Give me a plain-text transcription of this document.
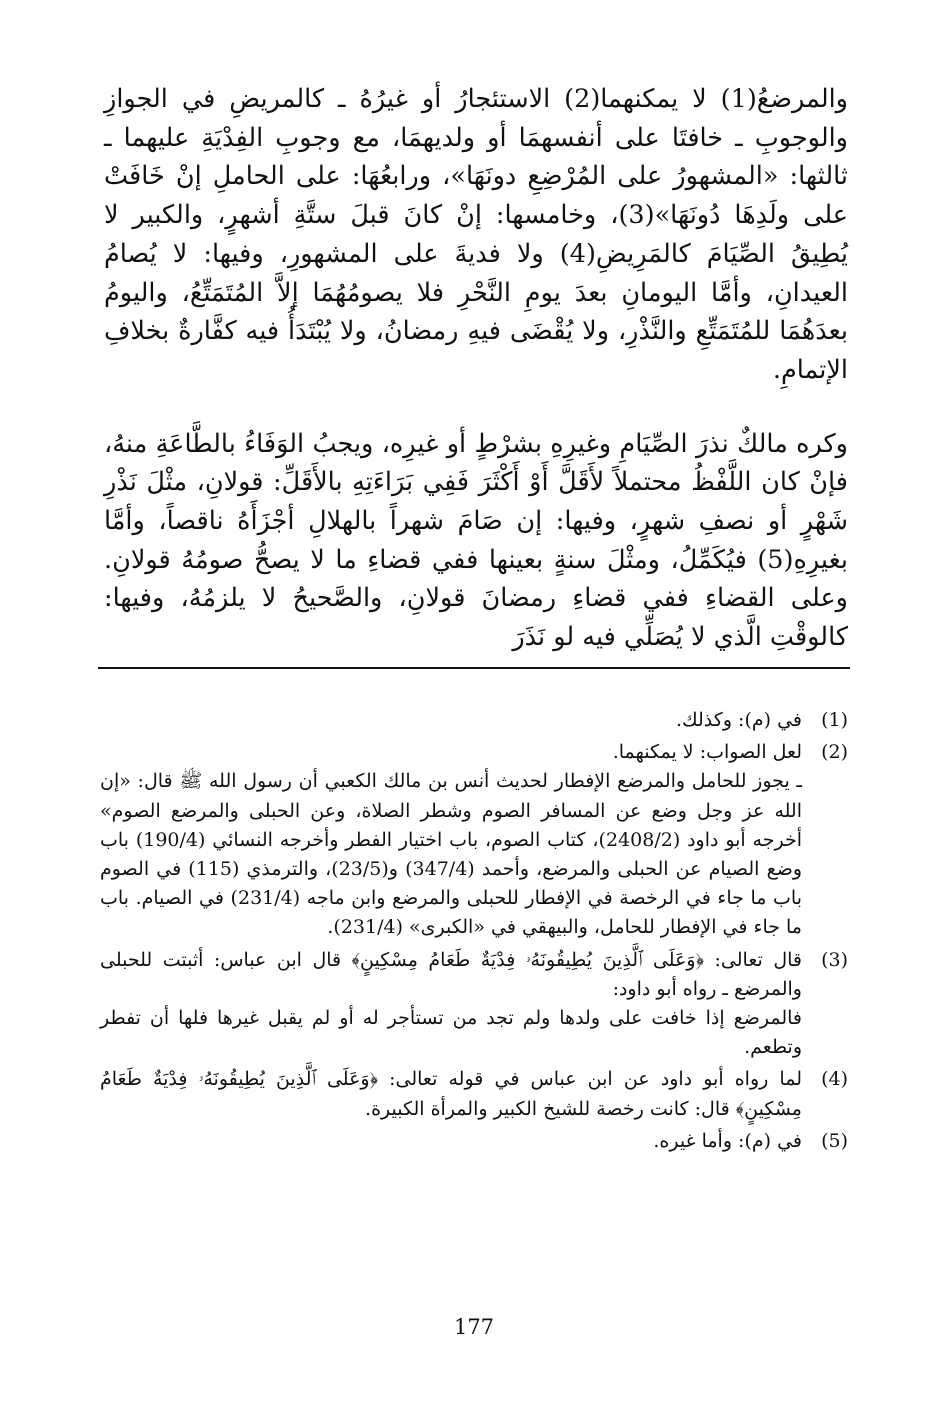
والمرضعُ(1) لا يمكنهما(2) الاستئجارُ أو غيرُهُ ـ كالمريضِ في الجوازِ والوجوبِ ـ خافتَا على أنفسهمَا أو ولديهمَا، مع وجوبِ الفِدْيَةِ عليهما ـ ثالثها: «المشهورُ على المُرْضِعِ دونَهَا»، ورابعُهَا: على الحاملِ إنْ خَافَتْ على ولَدِهَا دُونَهَا»(3)، وخامسها: إنْ كانَ قبلَ ستَّةِ أشهرٍ، والكبير لا يُطِيقُ الصِّيَامَ كالمَرِيضِ(4) ولا فديةَ على المشهورِ، وفيها: لا يُصامُ العيدانِ، وأمَّا اليومانِ بعدَ يومِ النَّحْرِ فلا يصومُهُمَا إلاَّ المُتَمَتِّعُ، واليومُ بعدَهُمَا للمُتَمَتِّعِ والنَّذْرِ، ولا يُقْضَى فيهِ رمضانُ، ولا يُبْتَدَأُ فيه كفَّارةٌ بخلافِ الإتمامِ.

وكره مالكٌ نذرَ الصِّيَامِ وغيرِهِ بشرْطٍ أو غيرِه، ويجبُ الوَفَاءُ بالطَّاعَةِ منهُ، فإنْ كان اللَّفْظُ محتملاً لأَقَلَّ أَوْ أَكْثَرَ فَفِي بَرَاءَتِهِ بالأَقَلِّ: قولانِ، مثْلَ نَذْرِ شَهْرٍ أو نصفِ شهرٍ، وفيها: إن صَامَ شهراً بالهلالِ أجْزَأَهُ ناقصاً، وأمَّا بغيرِهِ(5) فيُكَمِّلُ، ومثْلَ سنةٍ بعينها ففي قضاءِ ما لا يصحُّ صومُهُ قولانِ. وعلى القضاءِ ففي قضاءِ رمضانَ قولانِ، والصَّحيحُ لا يلزمُهُ، وفيها: كالوقْتِ الَّذي لا يُصَلِّي فيه لو نَذَرَ

(1)
في (م): وكذلك.
(2)
لعل الصواب: لا يمكنهما.
ـ يجوز للحامل والمرضع الإفطار لحديث أنس بن مالك الكعبي أن رسول الله ﷺ قال: «إن الله عز وجل وضع عن المسافر الصوم وشطر الصلاة، وعن الحبلى والمرضع الصوم» أخرجه أبو داود (2408/2)، كتاب الصوم، باب اختيار الفطر وأخرجه النسائي (190/4) باب وضع الصيام عن الحبلى والمرضع، وأحمد (347/4) و(23/5)، والترمذي (115) في الصوم باب ما جاء في الرخصة في الإفطار للحبلى والمرضع وابن ماجه (231/4) في الصيام. باب ما جاء في الإفطار للحامل، والبيهقي في «الكبرى» (231/4).
(3)
قال تعالى: ﴿وَعَلَى ٱلَّذِينَ يُطِيقُونَهُۥ فِدْيَةٌ طَعَامُ مِسْكِينٍ﴾ قال ابن عباس: أثبتت للحبلى والمرضع ـ رواه أبو داود:
فالمرضع إذا خافت على ولدها ولم تجد من تستأجر له أو لم يقبل غيرها فلها أن تفطر وتطعم.
(4)
لما رواه أبو داود عن ابن عباس في قوله تعالى: ﴿وَعَلَى ٱلَّذِينَ يُطِيقُونَهُۥ فِدْيَةٌ طَعَامُ مِسْكِينٍ﴾ قال: كانت رخصة للشيخ الكبير والمرأة الكبيرة.
(5)
في (م): وأما غيره.
177
